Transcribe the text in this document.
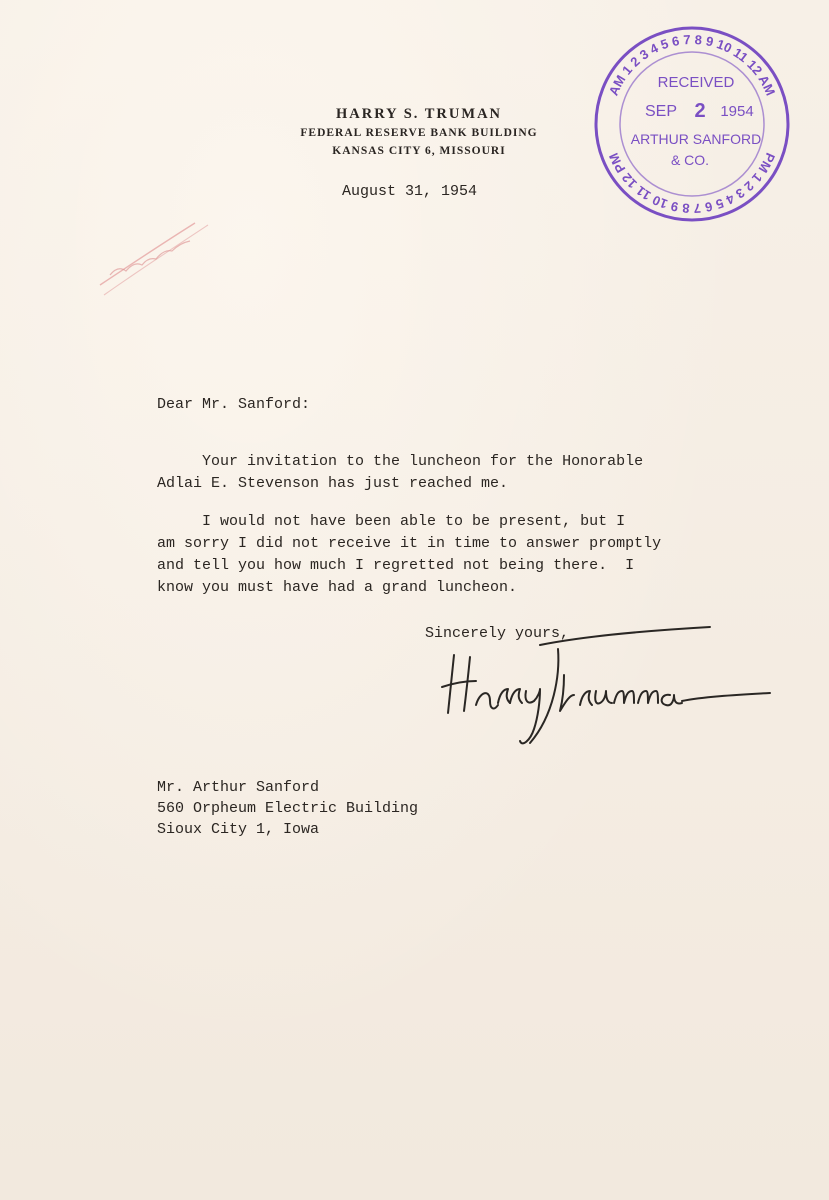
AM 1 2 3 4 5 6 7 8 9 10 11 12 AM
PM 1 2 3 4 5 6 7 8 9 10 11 12 PM
RECEIVED
SEP 2 1954
ARTHUR SANFORD
& CO.
HARRY S. TRUMAN
FEDERAL RESERVE BANK BUILDING
KANSAS CITY 6, MISSOURI
August 31, 1954
Dear Mr. Sanford:
Your invitation to the luncheon for the Honorable
Adlai E. Stevenson has just reached me.
I would not have been able to be present, but I
am sorry I did not receive it in time to answer promptly
and tell you how much I regretted not being there.  I
know you must have had a grand luncheon.
Sincerely yours,
Mr. Arthur Sanford
560 Orpheum Electric Building
Sioux City 1, Iowa
